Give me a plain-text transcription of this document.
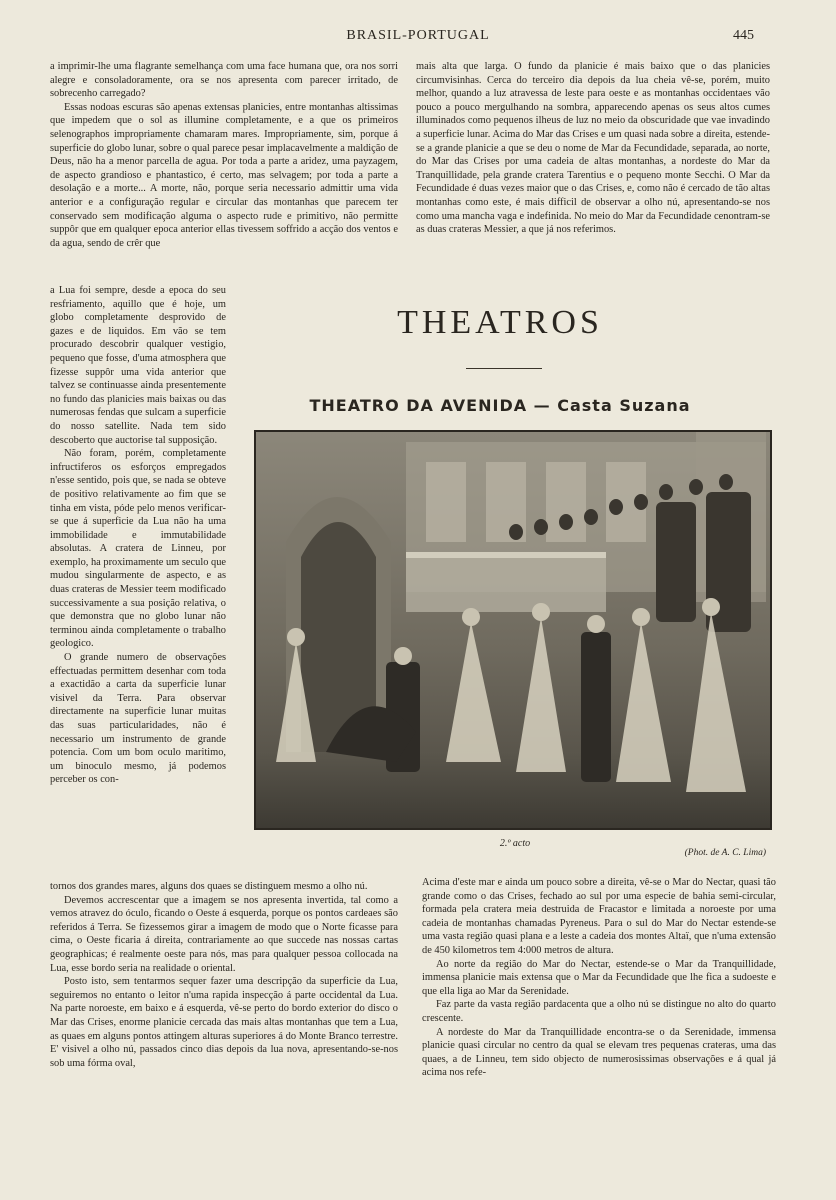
BRASIL-PORTUGAL	445

a imprimir-lhe uma flagrante semelhança com uma face humana que, ora nos sorri alegre e consoladoramente, ora se nos apresenta com parecer irritado, de sobrecenho carregado?

Essas nodoas escuras são apenas extensas planicies, entre montanhas altissimas que impedem que o sol as illumine completamente, e a que os primeiros selenographos impropriamente chamaram mares. Impropriamente, sim, porque á superficie do globo lunar, sobre o qual parece pesar implacavelmente a maldição de Deus, não ha a menor parcella de agua. Por toda a parte a aridez, uma payzagem, de aspecto grandioso e phantastico, é certo, mas selvagem; por toda a parte a desolação e a morte... A morte, não, porque seria necessario admittir uma vida anterior e a configuração regular e circular das montanhas que parecem ter conservado sem modificação alguma o aspecto rude e primitivo, não permitte suppôr que em qualquer epoca anterior ellas tivessem soffrido a acção dos ventos e da agua, sendo de crêr que

a Lua foi sempre, desde a epoca do seu resfriamento, aquillo que é hoje, um globo completamente desprovido de gazes e de liquidos. Em vão se tem procurado descobrir qualquer vestigio, pequeno que fosse, d'uma atmosphera que fizesse suppôr uma vida anterior que talvez se continuasse ainda presentemente no fundo das planicies mais baixas ou das numerosas fendas que sulcam a superficie do nosso satellite. Nada tem sido descoberto que auctorise tal supposição.

Não foram, porém, completamente infructiferos os esforços empregados n'esse sentido, pois que, se nada se obteve de positivo relativamente ao fim que se tinha em vista, póde pelo menos verificar-se que á superficie da Lua não ha uma immobilidade e immutabilidade absolutas. A cratera de Linneu, por exemplo, ha proximamente um seculo que mudou singularmente de aspecto, e as duas crateras de Messier teem modificado successivamente a sua posição relativa, o que demonstra que no globo lunar não terminou ainda completamente o trabalho geologico.

O grande numero de observações effectuadas permittem desenhar com toda a exactidão a carta da superficie lunar visivel da Terra. Para observar directamente na superficie lunar muitas das suas particularidades, não é necessario um instrumento de grande potencia. Com um bom oculo maritimo, um binoculo mesmo, já podemos perceber os con-

tornos dos grandes mares, alguns dos quaes se distinguem mesmo a olho nú.

Devemos accrescentar que a imagem se nos apresenta invertida, tal como a vemos atravez do óculo, ficando o Oeste á esquerda, porque os pontos cardeaes são referidos á Terra. Se fizessemos girar a imagem de modo que o Norte ficasse para cima, o Oeste ficaria á direita, contrariamente ao que succede nas nossas cartas geographicas; é realmente oeste para nós, mas para qualquer pessoa collocada na Lua, esse bordo seria na realidade o oriental.

Posto isto, sem tentarmos sequer fazer uma descripção da superficie da Lua, seguiremos no entanto o leitor n'uma rapida inspecção á parte occidental da Lua. Na parte noroeste, em baixo e á esquerda, vê-se perto do bordo exterior do disco o Mar das Crises, enorme planicie cercada das mais altas montanhas que tem a Lua, as quaes em alguns pontos attingem alturas superiores á do Monte Branco terrestre. E' visivel a olho nú, passados cinco dias depois da lua nova, apresentando-se-nos sob uma fórma oval,

mais alta que larga. O fundo da planicie é mais baixo que o das planicies circumvisinhas. Cerca do terceiro dia depois da lua cheia vê-se, porém, muito melhor, quando a luz atravessa de leste para oeste e as montanhas occidentaes vão pouco a pouco mergulhando na sombra, apparecendo apenas os seus altos cumes illuminados como pequenos ilheus de luz no meio da obscuridade que vae invadindo a superficie lunar. Acima do Mar das Crises e um quasi nada sobre a direita, estende-se a grande planicie a que se deu o nome de Mar da Fecundidade, separada, ao norte, do Mar das Crises por uma cadeia de altas montanhas, a nordeste do Mar da Tranquillidade, pela grande cratera Tarentius e o pequeno monte Secchi. O Mar da Fecundidade é duas vezes maior que o das Crises, e, como não é cercado de tão altas montanhas como este, é mais difficil de observar a olho nú, apresentando-se nos como uma mancha vaga e indefinida. No meio do Mar da Fecundidade cenontram-se as duas crateras Messier, a que já nos referimos.

THEATROS
THEATRO DA AVENIDA — Casta Suzana
2.º acto
(Phot. de A. C. Lima)

Acima d'este mar e ainda um pouco sobre a direita, vê-se o Mar do Nectar, quasi tão grande como o das Crises, fechado ao sul por uma especie de bahia semi-circular, formada pela cratera meia destruida de Fracastor e limitada a noroeste por uma cadeia de montanhas chamadas Pyreneus. Para o sul do Mar do Nectar estende-se uma vasta região quasi plana e a leste a cadeia dos montes Altaï, que n'uma extensão de 450 kilometros tem 4:000 metros de altura.

Ao norte da região do Mar do Nectar, estende-se o Mar da Tranquillidade, immensa planicie mais extensa que o Mar da Fecundidade que lhe fica a sudoeste e que ella liga ao Mar da Serenidade.

Faz parte da vasta região pardacenta que a olho nú se distingue no alto do quarto crescente.

A nordeste do Mar da Tranquillidade encontra-se o da Serenidade, immensa planicie quasi circular no centro da qual se elevam tres pequenas crateras, uma das quaes, a de Linneu, tem sido objecto de numerosissimas observações e á qual já acima nos refe-
